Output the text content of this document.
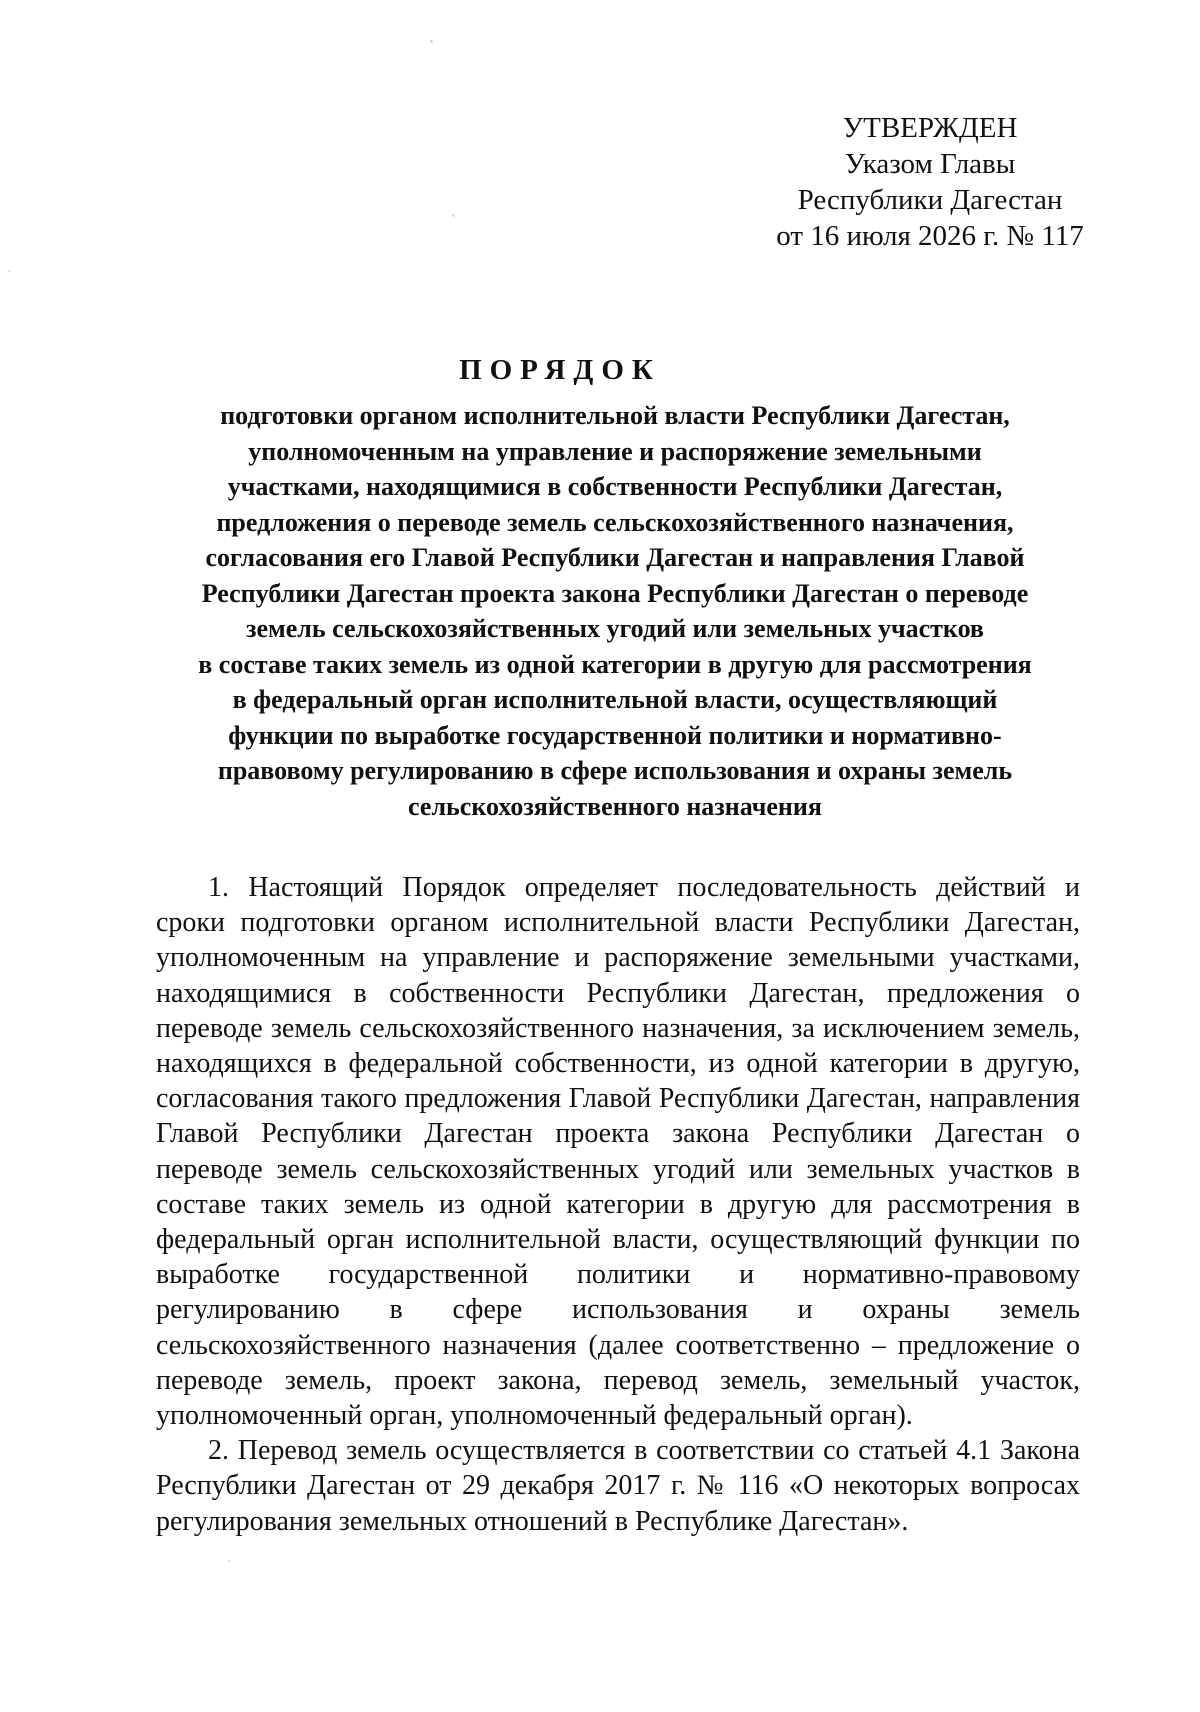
УТВЕРЖДЕН
Указом Главы
Республики Дагестан
от 16 июля 2026 г. № 117
ПОРЯДОК
подготовки органом исполнительной власти Республики Дагестан,
уполномоченным на управление и распоряжение земельными
участками, находящимися в собственности Республики Дагестан,
предложения о переводе земель сельскохозяйственного назначения,
согласования его Главой Республики Дагестан и направления Главой
Республики Дагестан проекта закона Республики Дагестан о переводе
земель сельскохозяйственных угодий или земельных участков
в составе таких земель из одной категории в другую для рассмотрения
в федеральный орган исполнительной власти, осуществляющий
функции по выработке государственной политики и нормативно-
правовому регулированию в сфере использования и охраны земель
сельскохозяйственного назначения

1. Настоящий Порядок определяет последовательность действий и сроки подготовки органом исполнительной власти Республики Дагестан, уполномоченным на управление и распоряжение земельными участками, находящимися в собственности Республики Дагестан, предложения о переводе земель сельскохозяйственного назначения, за исключением земель, находящихся в федеральной собственности, из одной категории в другую, согласования такого предложения Главой Республики Дагестан, направления Главой Республики Дагестан проекта закона Республики Дагестан о переводе земель сельскохозяйственных угодий или земельных участков в составе таких земель из одной категории в другую для рассмотрения в федеральный орган исполнительной власти, осуществляющий функции по выработке государственной политики и нормативно-правовому регулированию в сфере использования и охраны земель сельскохозяйственного назначения (далее соответственно – предложение о переводе земель, проект закона, перевод земель, земельный участок, уполномоченный орган, уполномоченный федеральный орган).

2. Перевод земель осуществляется в соответствии со статьей 4.1 Закона Республики Дагестан от 29 декабря 2017 г. № 116 «О некоторых вопросах регулирования земельных отношений в Республике Дагестан».
